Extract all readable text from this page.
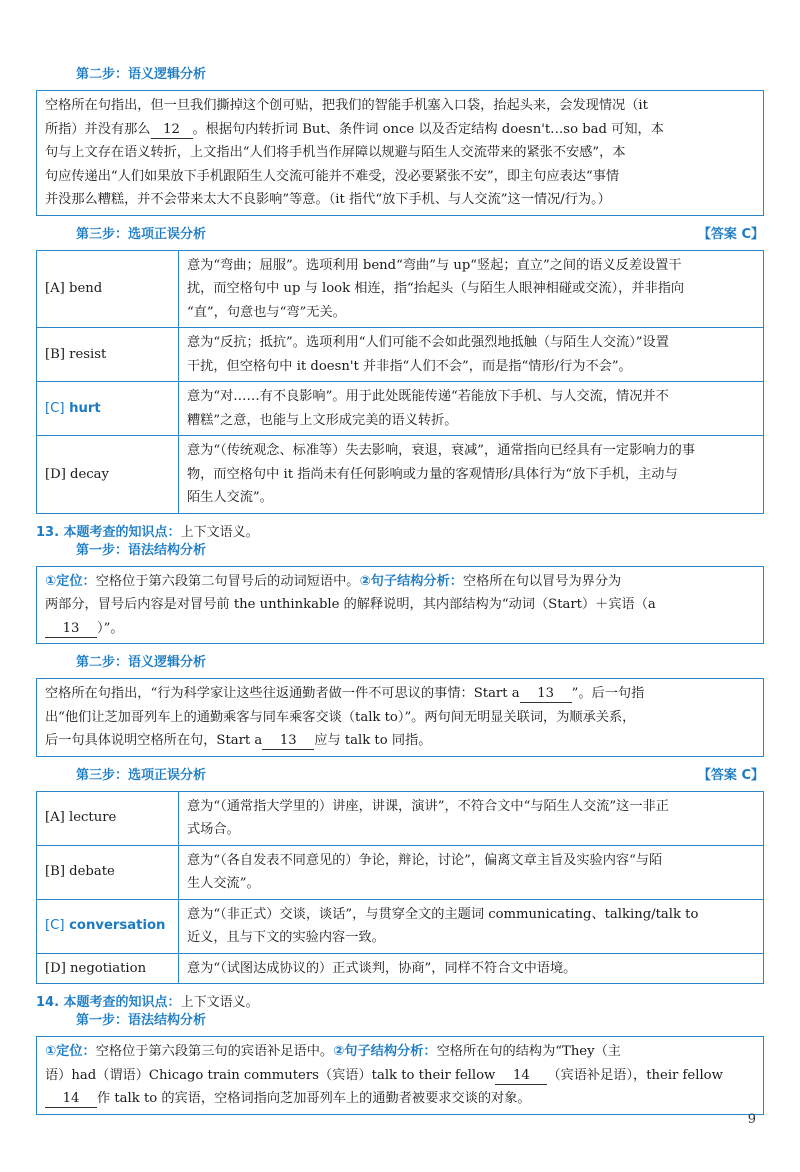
第二步：语义逻辑分析
空格所在句指出，但一旦我们撕掉这个创可贴，把我们的智能手机塞入口袋，抬起头来，会发现情况（it
所指）并没有那么 12 。根据句内转折词 But、条件词 once 以及否定结构 doesn't…so bad 可知，本
句与上文存在语义转折，上文指出“人们将手机当作屏障以规避与陌生人交流带来的紧张不安感”，本
句应传递出“人们如果放下手机跟陌生人交流可能并不难受，没必要紧张不安”，即主句应表达“事情
并没那么糟糕，并不会带来太大不良影响”等意。（it 指代“放下手机、与人交流”这一情况/行为。）
第三步：选项正误分析	【答案 C】
[A] bend	意为“弯曲；屈服”。选项利用 bend“弯曲”与 up“竖起；直立”之间的语义反差设置干
扰，而空格句中 up 与 look 相连，指“抬起头（与陌生人眼神相碰或交流），并非指向
“直”，句意也与“弯”无关。

[B] resist	意为“反抗；抵抗”。选项利用“人们可能不会如此强烈地抵触（与陌生人交流）”设置
干扰，但空格句中 it doesn't 并非指“人们不会”，而是指“情形/行为不会”。

[C] hurt	意为“对……有不良影响”。用于此处既能传递“若能放下手机、与人交流，情况并不
糟糕”之意，也能与上文形成完美的语义转折。

[D] decay	意为“（传统观念、标准等）失去影响，衰退，衰减”，通常指向已经具有一定影响力的事
物，而空格句中 it 指尚未有任何影响或力量的客观情形/具体行为“放下手机，主动与
陌生人交流”。
13. 本题考查的知识点：上下文语义。
第一步：语法结构分析
①定位：空格位于第六段第二句冒号后的动词短语中。②句子结构分析：空格所在句以冒号为界分为
两部分，冒号后内容是对冒号前 the unthinkable 的解释说明，其内部结构为“动词（Start）＋宾语（a
13 ）”。
第二步：语义逻辑分析
空格所在句指出，“行为科学家让这些往返通勤者做一件不可思议的事情：Start a 13 ”。后一句指
出“他们让芝加哥列车上的通勤乘客与同车乘客交谈（talk to）”。两句间无明显关联词，为顺承关系，
后一句具体说明空格所在句，Start a 13 应与 talk to 同指。
第三步：选项正误分析	【答案 C】
[A] lecture	意为“（通常指大学里的）讲座，讲课，演讲”，不符合文中“与陌生人交流”这一非正
式场合。

[B] debate	意为“（各自发表不同意见的）争论，辩论，讨论”，偏离文章主旨及实验内容“与陌
生人交流”。

[C] conversation	意为“（非正式）交谈，谈话”，与贯穿全文的主题词 communicating、talking/talk to
近义，且与下文的实验内容一致。

[D] negotiation	意为“（试图达成协议的）正式谈判，协商”，同样不符合文中语境。
14. 本题考查的知识点：上下文语义。
第一步：语法结构分析
①定位：空格位于第六段第三句的宾语补足语中。②句子结构分析：空格所在句的结构为“They（主
语）had（谓语）Chicago train commuters（宾语）talk to their fellow 14 （宾语补足语），their fellow
14 作 talk to 的宾语，空格词指向芝加哥列车上的通勤者被要求交谈的对象。
9
